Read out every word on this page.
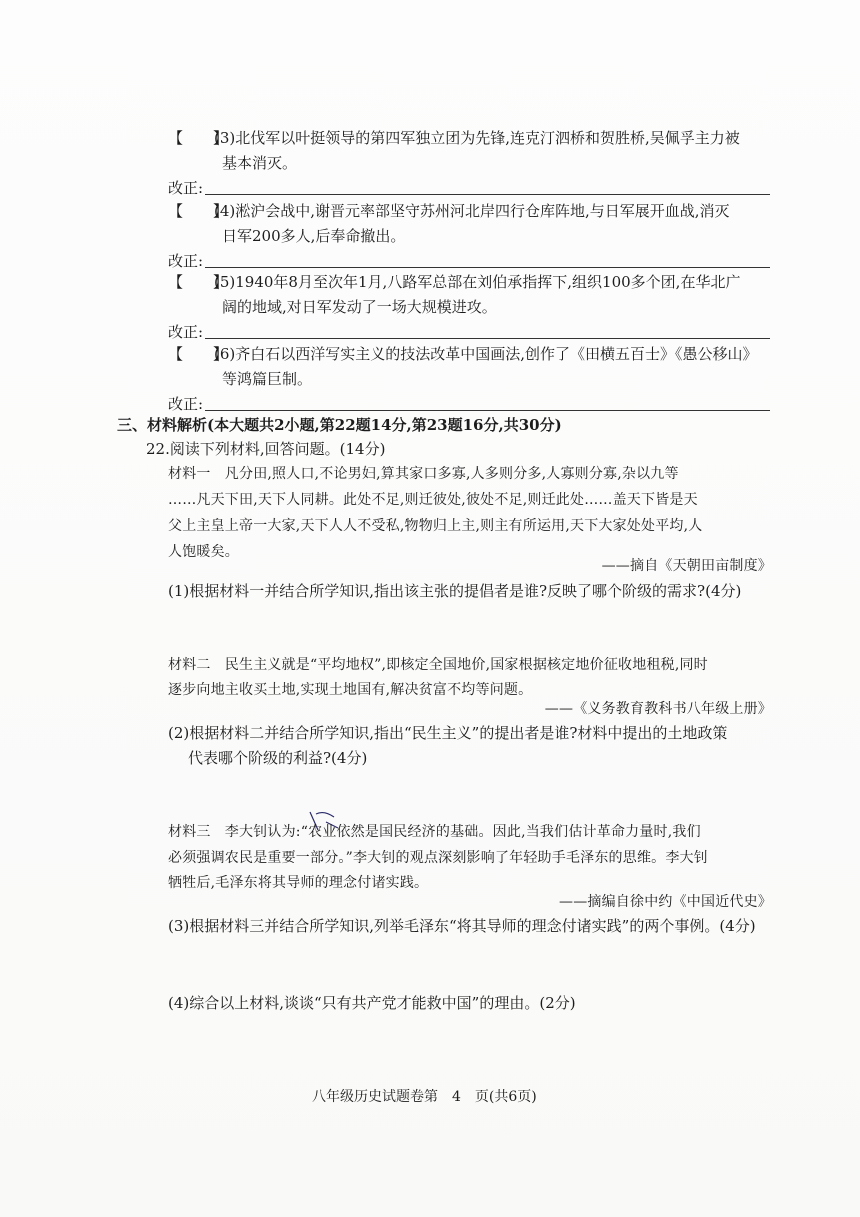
【　　】
(3)北伐军以叶挺领导的第四军独立团为先锋,连克汀泗桥和贺胜桥,吴佩孚主力被
基本消灭。
改正:
【　　】
(4)淞沪会战中,谢晋元率部坚守苏州河北岸四行仓库阵地,与日军展开血战,消灭
日军200多人,后奉命撤出。
改正:
【　　】
(5)1940年8月至次年1月,八路军总部在刘伯承指挥下,组织100多个团,在华北广
阔的地域,对日军发动了一场大规模进攻。
改正:
【　　】
(6)齐白石以西洋写实主义的技法改革中国画法,创作了《田横五百士》《愚公移山》
等鸿篇巨制。
改正:
三、材料解析(本大题共2小题,第22题14分,第23题16分,共30分)
22.阅读下列材料,回答问题。(14分)
材料一　凡分田,照人口,不论男妇,算其家口多寡,人多则分多,人寡则分寡,杂以九等
……凡天下田,天下人同耕。此处不足,则迁彼处,彼处不足,则迁此处……盖天下皆是天
父上主皇上帝一大家,天下人人不受私,物物归上主,则主有所运用,天下大家处处平均,人
人饱暖矣。
——摘自《天朝田亩制度》
(1)根据材料一并结合所学知识,指出该主张的提倡者是谁?反映了哪个阶级的需求?(4分)
材料二　民生主义就是“平均地权”,即核定全国地价,国家根据核定地价征收地租税,同时
逐步向地主收买土地,实现土地国有,解决贫富不均等问题。
——《义务教育教科书八年级上册》
(2)根据材料二并结合所学知识,指出“民生主义”的提出者是谁?材料中提出的土地政策
代表哪个阶级的利益?(4分)
材料三　李大钊认为:“农业依然是国民经济的基础。因此,当我们估计革命力量时,我们
必须强调农民是重要一部分。”李大钊的观点深刻影响了年轻助手毛泽东的思维。李大钊
牺牲后,毛泽东将其导师的理念付诸实践。
——摘编自徐中约《中国近代史》
(3)根据材料三并结合所学知识,列举毛泽东“将其导师的理念付诸实践”的两个事例。(4分)
(4)综合以上材料,谈谈“只有共产党才能救中国”的理由。(2分)
八年级历史试题卷第　4　页(共6页)
